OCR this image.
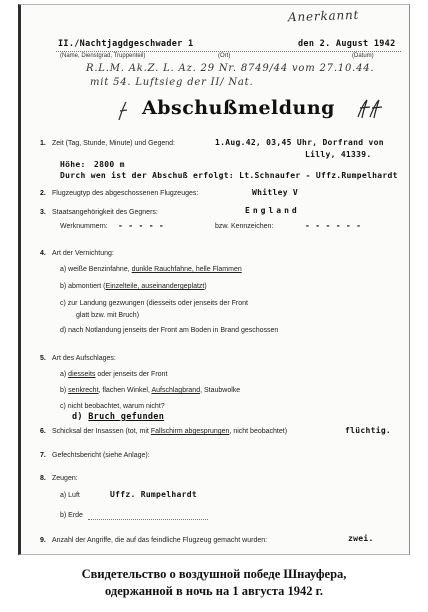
Anerkannt
II./Nachtjagdgeschwader 1	den 2. August 1942
(Name, Dienstgrad, Truppenteil)	(Ort)	(Datum)
R.L.M. Ak.Z. L. Az. 29 Nr. 8749/44 vom 27.10.44.
mit 54. Luftsieg der II/ Nat.
Abschußmeldung
1. Zeit (Tag, Stunde, Minute) und Gegend:	1.Aug.42, 03,45 Uhr, Dorfrand von
Lilly, 41339.
Höhe: 2800 m
Durch wen ist der Abschuß erfolgt: Lt.Schnaufer - Uffz.Rumpelhardt
2. Flugzeugtyp des abgeschossenen Flugzeuges:	Whitley V
3. Staatsangehörigkeit des Gegners:	England
Werknummern: - - - - -	bzw. Kennzeichen:	- - - - - -
4. Art der Vernichtung:
a) weiße Benzinfahne, dunkle Rauchfahne, helle Flammen
b) abmontiert (Einzelteile, auseinandergeplatzt)
c) zur Landung gezwungen (diesseits oder jenseits der Front
glatt bzw. mit Bruch)
d) nach Notlandung jenseits der Front am Boden in Brand geschossen
5. Art des Aufschlages:
a) diesseits oder jenseits der Front
b) senkrecht, flachen Winkel, Aufschlagbrand, Staubwolke
c) nicht beobachtet, warum nicht?
d) Bruch gefunden
6. Schicksal der Insassen (tot, mit Fallschirm abgesprungen, nicht beobachtet)	flüchtig.
7. Gefechtsbericht (siehe Anlage):
8. Zeugen:
a) Luft	Uffz. Rumpelhardt
b) Erde
9. Anzahl der Angriffe, die auf das feindliche Flugzeug gemacht wurden:	zwei.
Свидетельство о воздушной победе Шнауфера,
одержанной в ночь на 1 августа 1942 г.
